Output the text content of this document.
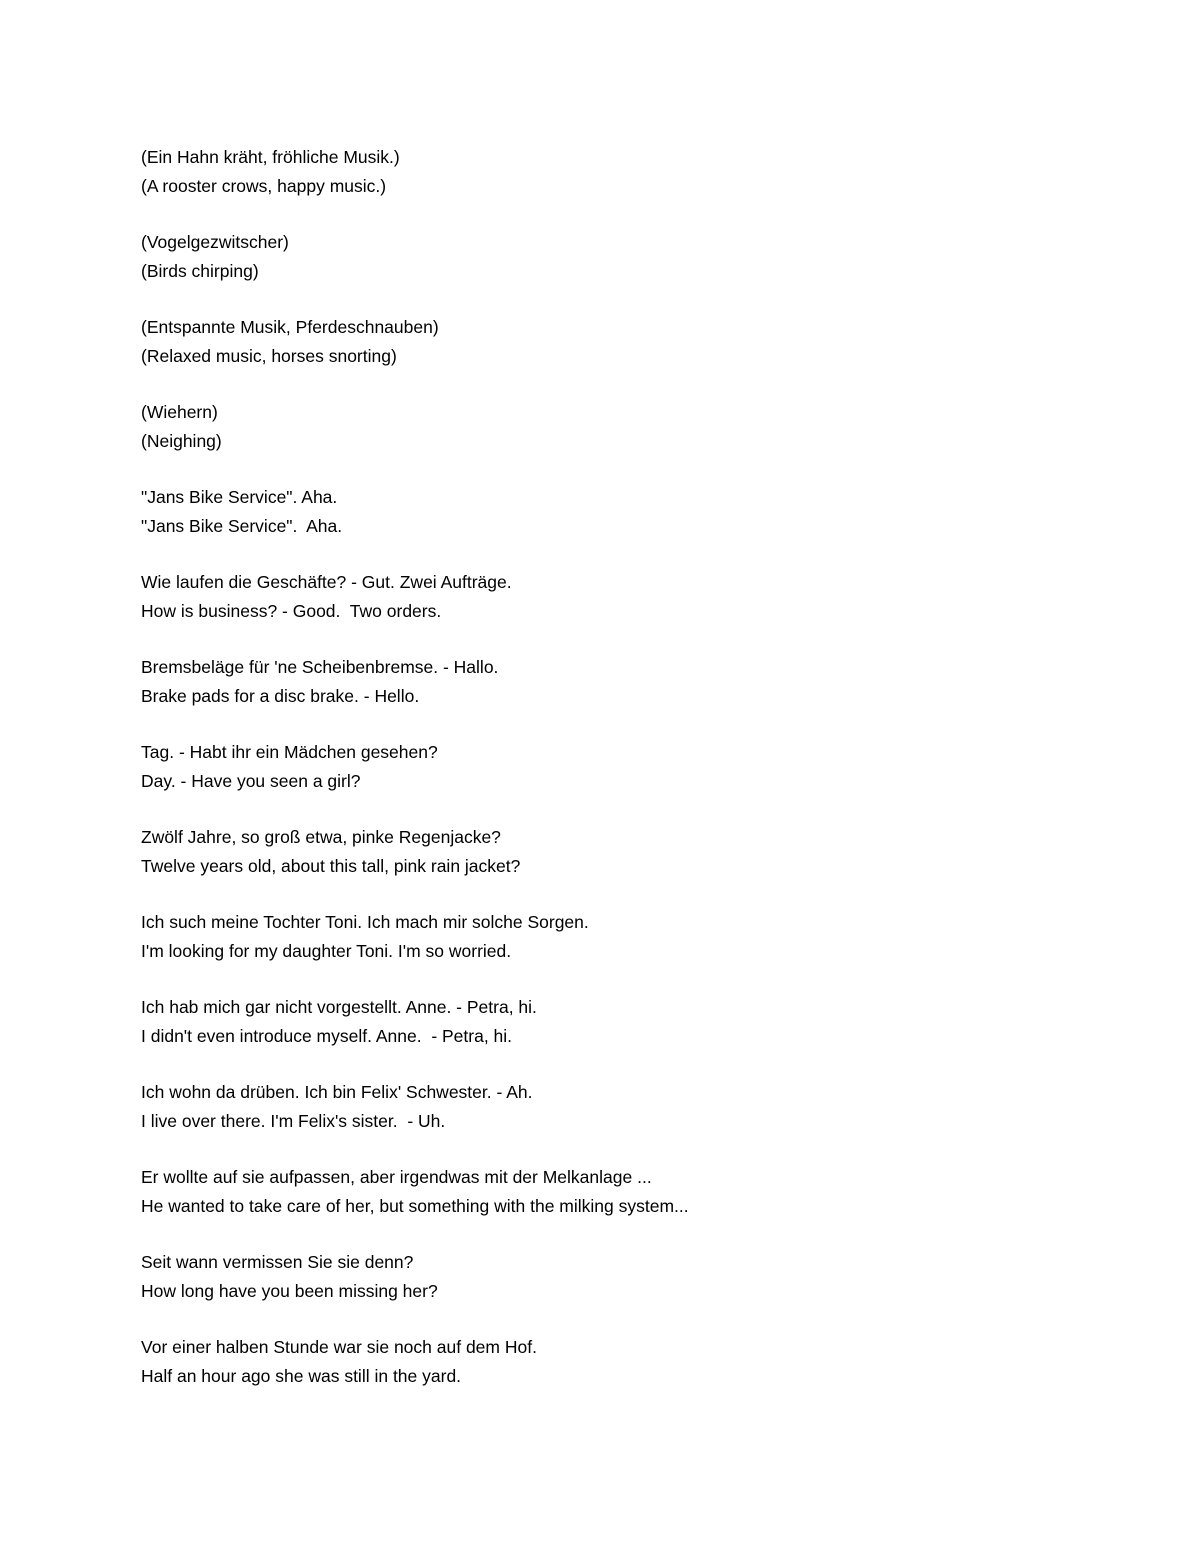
(Ein Hahn kräht, fröhliche Musik.)
(A rooster crows, happy music.)
(Vogelgezwitscher)
(Birds chirping)
(Entspannte Musik, Pferdeschnauben)
(Relaxed music, horses snorting)
(Wiehern)
(Neighing)
"Jans Bike Service". Aha.
"Jans Bike Service".  Aha.
Wie laufen die Geschäfte? - Gut. Zwei Aufträge.
How is business? - Good.  Two orders.
Bremsbeläge für 'ne Scheibenbremse. - Hallo.
Brake pads for a disc brake. - Hello.
Tag. - Habt ihr ein Mädchen gesehen?
Day. - Have you seen a girl?
Zwölf Jahre, so groß etwa, pinke Regenjacke?
Twelve years old, about this tall, pink rain jacket?
Ich such meine Tochter Toni. Ich mach mir solche Sorgen.
I'm looking for my daughter Toni. I'm so worried.
Ich hab mich gar nicht vorgestellt. Anne. - Petra, hi.
I didn't even introduce myself. Anne.  - Petra, hi.
Ich wohn da drüben. Ich bin Felix' Schwester. - Ah.
I live over there. I'm Felix's sister.  - Uh.
Er wollte auf sie aufpassen, aber irgendwas mit der Melkanlage ...
He wanted to take care of her, but something with the milking system...
Seit wann vermissen Sie sie denn?
How long have you been missing her?
Vor einer halben Stunde war sie noch auf dem Hof.
Half an hour ago she was still in the yard.
